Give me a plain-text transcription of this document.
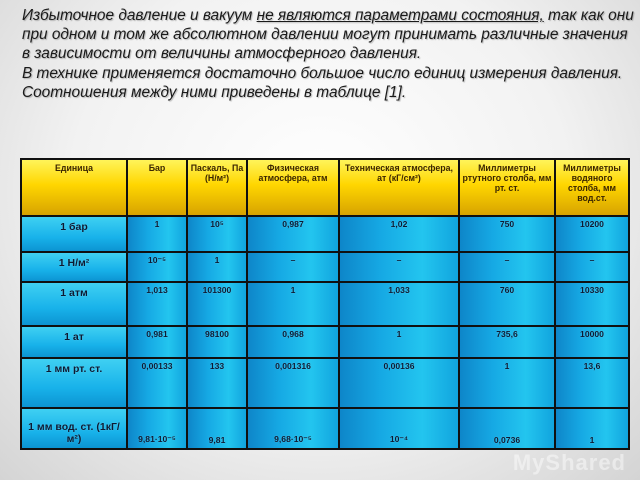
Избыточное давление и вакуум не являются параметрами состояния, так как они при одном и том же абсолютном давлении могут принимать различные значения в зависимости от величины атмосферного давления.

В технике применяется достаточно большое число единиц измерения давления. Соотношения между ними приведены в таблице [1].

Единица	Бар	Паскаль, Па (Н/м²)	Физическая атмосфера, атм	Техническая атмосфера, ат (кГ/см²)	Миллиметры ртутного столба, мм рт. ст.	Миллиметры водяного столба, мм вод.ст.
1 бар	1	10⁵	0,987	1,02	750	10200
1 Н/м²	10⁻⁵	1	–	–	–	–
1 атм	1,013	101300	1	1,033	760	10330
1 ат	0,981	98100	0,968	1	735,6	10000
1 мм рт. ст.	0,00133	133	0,001316	0,00136	1	13,6
1 мм вод. ст. (1кГ/м²)	9,81·10⁻⁵	9,81	9,68·10⁻⁵	10⁻⁴	0,0736	1
MyShared
